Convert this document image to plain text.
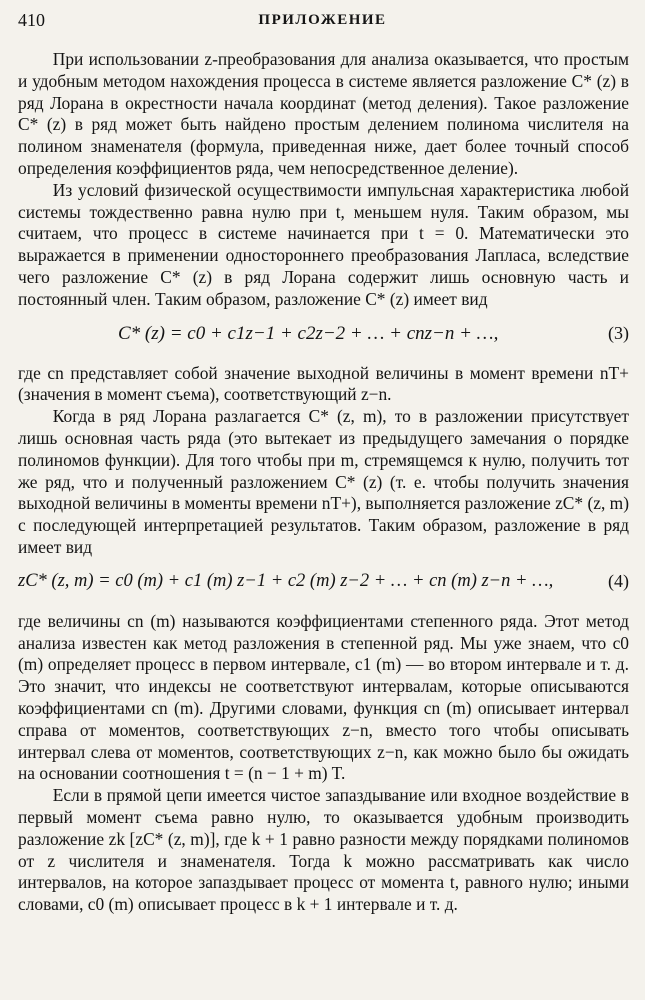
410	ПРИЛОЖЕНИЕ

При использовании z-преобразования для анализа оказывается, что простым и удобным методом нахождения процесса в системе является разложение C* (z) в ряд Лорана в окрестности начала координат (метод деления). Такое разложение C* (z) в ряд может быть найдено простым делением полинома числителя на полином знаменателя (формула, приведенная ниже, дает более точный способ определения коэффициентов ряда, чем непосредственное деление).

Из условий физической осуществимости импульсная характеристика любой системы тождественно равна нулю при t, меньшем нуля. Таким образом, мы считаем, что процесс в системе начинается при t = 0. Математически это выражается в применении одностороннего преобразования Лапласа, вследствие чего разложение C* (z) в ряд Лорана содержит лишь основную часть и постоянный член. Таким образом, разложение C* (z) имеет вид

C* (z) = c0 + c1z−1 + c2z−2 + … + cnz−n + …,	(3)

где cn представляет собой значение выходной величины в момент времени nT+ (значения в момент съема), соответствующий z−n.

Когда в ряд Лорана разлагается C* (z, m), то в разложении присутствует лишь основная часть ряда (это вытекает из предыдущего замечания о порядке полиномов функции). Для того чтобы при m, стремящемся к нулю, получить тот же ряд, что и полученный разложением C* (z) (т. е. чтобы получить значения выходной величины в моменты времени nT+), выполняется разложение zC* (z, m) с последующей интерпретацией результатов. Таким образом, разложение в ряд имеет вид

zC* (z, m) = c0 (m) + c1 (m) z−1 + c2 (m) z−2 + … + cn (m) z−n + …,	(4)

где величины cn (m) называются коэффициентами степенного ряда. Этот метод анализа известен как метод разложения в степенной ряд. Мы уже знаем, что c0 (m) определяет процесс в первом интервале, c1 (m) — во втором интервале и т. д. Это значит, что индексы не соответствуют интервалам, которые описываются коэффициентами cn (m). Другими словами, функция cn (m) описывает интервал справа от моментов, соответствующих z−n, вместо того чтобы описывать интервал слева от моментов, соответствующих z−n, как можно было бы ожидать на основании соотношения t = (n − 1 + m) T.

Если в прямой цепи имеется чистое запаздывание или входное воздействие в первый момент съема равно нулю, то оказывается удобным производить разложение zk [zC* (z, m)], где k + 1 равно разности между порядками полиномов от z числителя и знаменателя. Тогда k можно рассматривать как число интервалов, на которое запаздывает процесс от момента t, равного нулю; иными словами, c0 (m) описывает процесс в k + 1 интервале и т. д.
